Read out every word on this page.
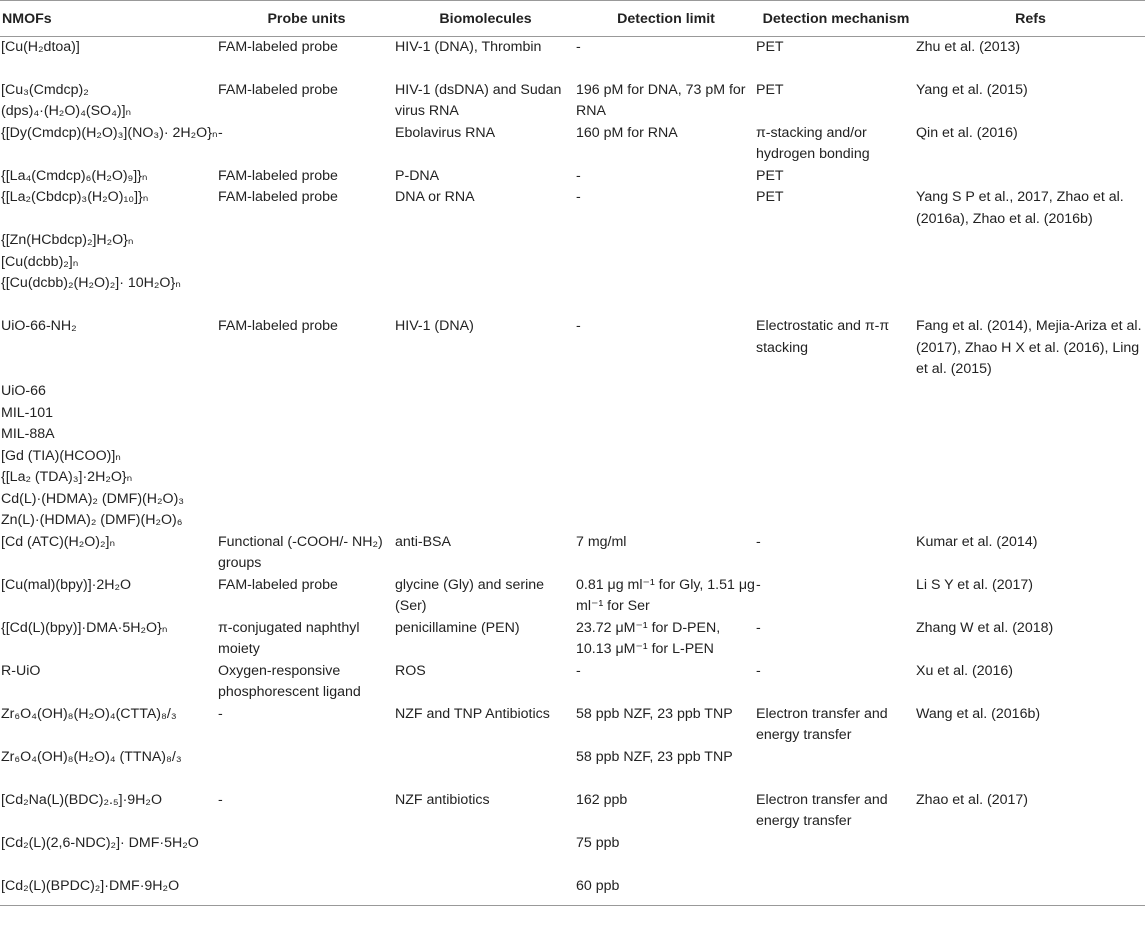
NMOFs	Probe units	Biomolecules	Detection limit	Detection mechanism	Refs
[Cu(H₂dtoa)]	FAM-labeled probe	HIV-1 (DNA), Thrombin	-	PET	Zhu et al. (2013)
[Cu₃(Cmdcp)₂ (dps)₄·(H₂O)₄(SO₄)]ₙ	FAM-labeled probe	HIV-1 (dsDNA) and Sudan virus RNA	196 pM for DNA, 73 pM for RNA	PET	Yang et al. (2015)
{[Dy(Cmdcp)(H₂O)₃](NO₃)· 2H₂O}ₙ	-	Ebolavirus RNA	160 pM for RNA	π-stacking and/or hydrogen bonding	Qin et al. (2016)
{[La₄(Cmdcp)₆(H₂O)₉]}ₙ	FAM-labeled probe	P-DNA	-	PET	
{[La₂(Cbdcp)₃(H₂O)₁₀]}ₙ	FAM-labeled probe	DNA or RNA	-	PET	Yang S P et al., 2017, Zhao et al. (2016a), Zhao et al. (2016b)
{[Zn(HCbdcp)₂]H₂O}ₙ					
[Cu(dcbb)₂]ₙ					
{[Cu(dcbb)₂(H₂O)₂]· 10H₂O}ₙ					
UiO-66-NH₂	FAM-labeled probe	HIV-1 (DNA)	-	Electrostatic and π-π stacking	Fang et al. (2014), Mejia-Ariza et al. (2017), Zhao H X et al. (2016), Ling et al. (2015)
UiO-66					
MIL-101					
MIL-88A					
[Gd (TIA)(HCOO)]ₙ					
{[La₂ (TDA)₃]·2H₂O}ₙ					
Cd(L)·(HDMA)₂ (DMF)(H₂O)₃					
Zn(L)·(HDMA)₂ (DMF)(H₂O)₆					
[Cd (ATC)(H₂O)₂]ₙ	Functional (-COOH/- NH₂) groups	anti-BSA	7 mg/ml	-	Kumar et al. (2014)
[Cu(mal)(bpy)]·2H₂O	FAM-labeled probe	glycine (Gly) and serine (Ser)	0.81 μg ml⁻¹ for Gly, 1.51 μg ml⁻¹ for Ser	-	Li S Y et al. (2017)
{[Cd(L)(bpy)]·DMA·5H₂O}ₙ	π-conjugated naphthyl moiety	penicillamine (PEN)	23.72 μM⁻¹ for D-PEN, 10.13 μM⁻¹ for L-PEN	-	Zhang W et al. (2018)
R-UiO	Oxygen-responsive phosphorescent ligand	ROS	-	-	Xu et al. (2016)
Zr₆O₄(OH)₈(H₂O)₄(CTTA)₈/₃	-	NZF and TNP Antibiotics	58 ppb NZF, 23 ppb TNP	Electron transfer and energy transfer	Wang et al. (2016b)
Zr₆O₄(OH)₈(H₂O)₄ (TTNA)₈/₃			58 ppb NZF, 23 ppb TNP		
[Cd₂Na(L)(BDC)₂.₅]·9H₂O	-	NZF antibiotics	162 ppb	Electron transfer and energy transfer	Zhao et al. (2017)
[Cd₂(L)(2,6-NDC)₂]· DMF·5H₂O			75 ppb		
[Cd₂(L)(BPDC)₂]·DMF·9H₂O			60 ppb		
